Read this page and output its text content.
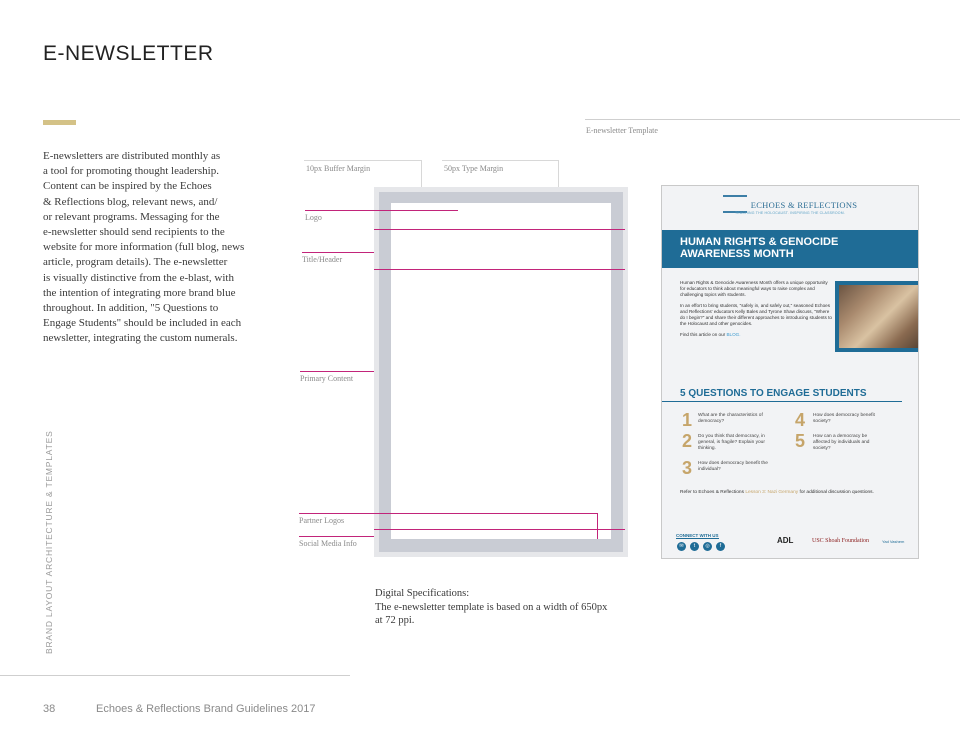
E-NEWSLETTER
E-newsletters are distributed monthly as
a tool for promoting thought leadership.
Content can be inspired by the Echoes
& Reflections blog, relevant news, and/
or relevant programs. Messaging for the
e-newsletter should send recipients to the
website for more information (full blog, news
article, program details). The e-newsletter
is visually distinctive from the e-blast, with
the intention of integrating more brand blue
throughout. In addition, "5 Questions to
Engage Students" should be included in each
newsletter, integrating the custom numerals.
BRAND LAYOUT ARCHITECTURE & TEMPLATES
38	Echoes & Reflections Brand Guidelines 2017
E-newsletter Template
10px Buffer Margin	50px Type Margin
Logo
Title/Header
Primary Content
Partner Logos
Social Media Info
Digital Specifications:
The e-newsletter template is based on a width of 650px
at 72 ppi.
ECHOES & REFLECTIONS
TEACHING THE HOLOCAUST. INSPIRING THE CLASSROOM.
HUMAN RIGHTS & GENOCIDE
AWARENESS MONTH
Human Rights & Genocide Awareness Month offers a unique opportunity for educators to think about meaningful ways to raise complex and challenging topics with students.
In an effort to bring students, "safely in, and safely out," seasoned Echoes and Reflections' educators Kelly Bales and Tyrone Shaw discuss, "Where do I begin?" and share their different approaches to introducing students to the Holocaust and other genocides.
Find this article on our BLOG.
5 QUESTIONS TO ENGAGE STUDENTS
1 What are the characteristics of democracy?
2 Do you think that democracy, in general, is fragile? Explain your thinking.
3 How does democracy benefit the individual?
4 How does democracy benefit society?
5 How can a democracy be affected by individuals and society?
Refer to Echoes & Reflections Lesson 3: Nazi Germany for additional discussion questions.
CONNECT WITH US
✉	t	◎	f
ADL	USC Shoah Foundation	Yad Vashem
